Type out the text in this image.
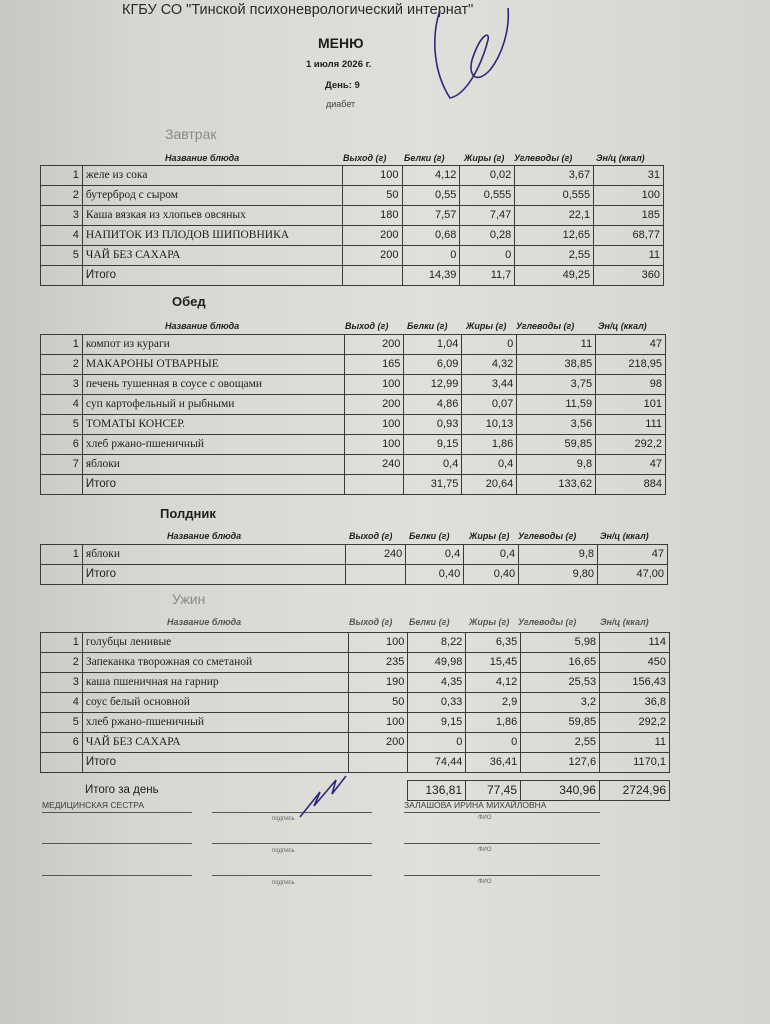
КГБУ СО "Тинской психоневрологический интернат"
МЕНЮ
1 июля 2026 г.
День: 9
диабет
Завтрак
Название блюда	Выход (г) Белки (г) Жиры (г) Углеводы (г)	Эн/ц (ккал)
1	желе из сока	100	4,12	0,02	3,67	31
2	бутерброд с сыром	50	0,55	0,555	0,555	100
3	Каша вязкая из хлопьев овсяных	180	7,57	7,47	22,1	185
4	НАПИТОК ИЗ ПЛОДОВ ШИПОВНИКА	200	0,68	0,28	12,65	68,77
5	ЧАЙ БЕЗ САХАРА	200	0	0	2,55	11
	Итого		14,39	11,7	49,25	360
Обед
Название блюда	Выход (г) Белки (г) Жиры (г) Углеводы (г)	Эн/ц (ккал)
1	компот из кураги	200	1,04	0	11	47
2	МАКАРОНЫ ОТВАРНЫЕ	165	6,09	4,32	38,85	218,95
3	печень тушенная в соусе с овощами	100	12,99	3,44	3,75	98
4	суп картофельный и рыбными	200	4,86	0,07	11,59	101
5	ТОМАТЫ КОНСЕР.	100	0,93	10,13	3,56	111
6	хлеб ржано-пшеничный	100	9,15	1,86	59,85	292,2
7	яблоки	240	0,4	0,4	9,8	47
	Итого		31,75	20,64	133,62	884
Полдник
Название блюда	Выход (г) Белки (г) Жиры (г) Углеводы (г)	Эн/ц (ккал)
1	яблоки	240	0,4	0,4	9,8	47
	Итого		0,40	0,40	9,80	47,00
Ужин
Название блюда	Выход (г) Белки (г) Жиры (г) Углеводы (г)	Эн/ц (ккал)
1	голубцы ленивые	100	8,22	6,35	5,98	114
2	Запеканка творожная со сметаной	235	49,98	15,45	16,65	450
3	каша пшеничная на гарнир	190	4,35	4,12	25,53	156,43
4	соус белый основной	50	0,33	2,9	3,2	36,8
5	хлеб ржано-пшеничный	100	9,15	1,86	59,85	292,2
6	ЧАЙ БЕЗ САХАРА	200	0	0	2,55	11
	Итого		74,44	36,41	127,6	1170,1
	Итого за день		136,81	77,45	340,96	2724,96
МЕДИЦИНСКАЯ СЕСТРА	ЗАЛАШОВА ИРИНА МИХАЙЛОВНА
подпись	ФИО
подпись	ФИО
подпись	ФИО
